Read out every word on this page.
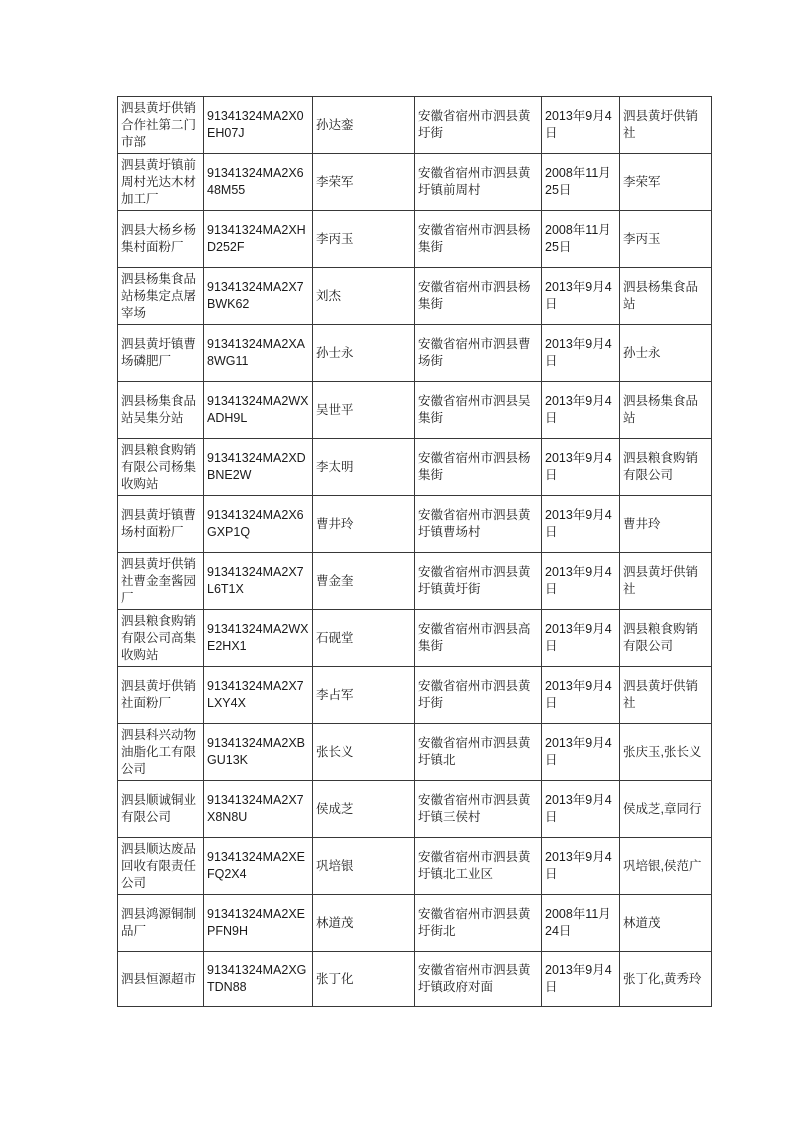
泗县黄圩供销合作社第二门市部	91341324MA2X0EH07J	孙达銮	安徽省宿州市泗县黄圩街	2013年9月4日	泗县黄圩供销社
泗县黄圩镇前周村光达木材加工厂	91341324MA2X648M55	李荣军	安徽省宿州市泗县黄圩镇前周村	2008年11月25日	李荣军
泗县大杨乡杨集村面粉厂	91341324MA2XHD252F	李丙玉	安徽省宿州市泗县杨集街	2008年11月25日	李丙玉
泗县杨集食品站杨集定点屠宰场	91341324MA2X7BWK62	刘杰	安徽省宿州市泗县杨集街	2013年9月4日	泗县杨集食品站
泗县黄圩镇曹场磷肥厂	91341324MA2XA8WG11	孙士永	安徽省宿州市泗县曹场街	2013年9月4日	孙士永
泗县杨集食品站吴集分站	91341324MA2WXADH9L	吴世平	安徽省宿州市泗县吴集街	2013年9月4日	泗县杨集食品站
泗县粮食购销有限公司杨集收购站	91341324MA2XDBNE2W	李太明	安徽省宿州市泗县杨集街	2013年9月4日	泗县粮食购销有限公司
泗县黄圩镇曹场村面粉厂	91341324MA2X6GXP1Q	曹井玲	安徽省宿州市泗县黄圩镇曹场村	2013年9月4日	曹井玲
泗县黄圩供销社曹金奎酱园厂	91341324MA2X7L6T1X	曹金奎	安徽省宿州市泗县黄圩镇黄圩街	2013年9月4日	泗县黄圩供销社
泗县粮食购销有限公司高集收购站	91341324MA2WXE2HX1	石砚堂	安徽省宿州市泗县高集街	2013年9月4日	泗县粮食购销有限公司
泗县黄圩供销社面粉厂	91341324MA2X7LXY4X	李占军	安徽省宿州市泗县黄圩街	2013年9月4日	泗县黄圩供销社
泗县科兴动物油脂化工有限公司	91341324MA2XBGU13K	张长义	安徽省宿州市泗县黄圩镇北	2013年9月4日	张庆玉,张长义
泗县顺诚铜业有限公司	91341324MA2X7X8N8U	侯成芝	安徽省宿州市泗县黄圩镇三侯村	2013年9月4日	侯成芝,章同行
泗县顺达废品回收有限责任公司	91341324MA2XEFQ2X4	巩培银	安徽省宿州市泗县黄圩镇北工业区	2013年9月4日	巩培银,侯范广
泗县鸿源铜制品厂	91341324MA2XEPFN9H	林道茂	安徽省宿州市泗县黄圩街北	2008年11月24日	林道茂
泗县恒源超市	91341324MA2XGTDN88	张丁化	安徽省宿州市泗县黄圩镇政府对面	2013年9月4日	张丁化,黄秀玲
